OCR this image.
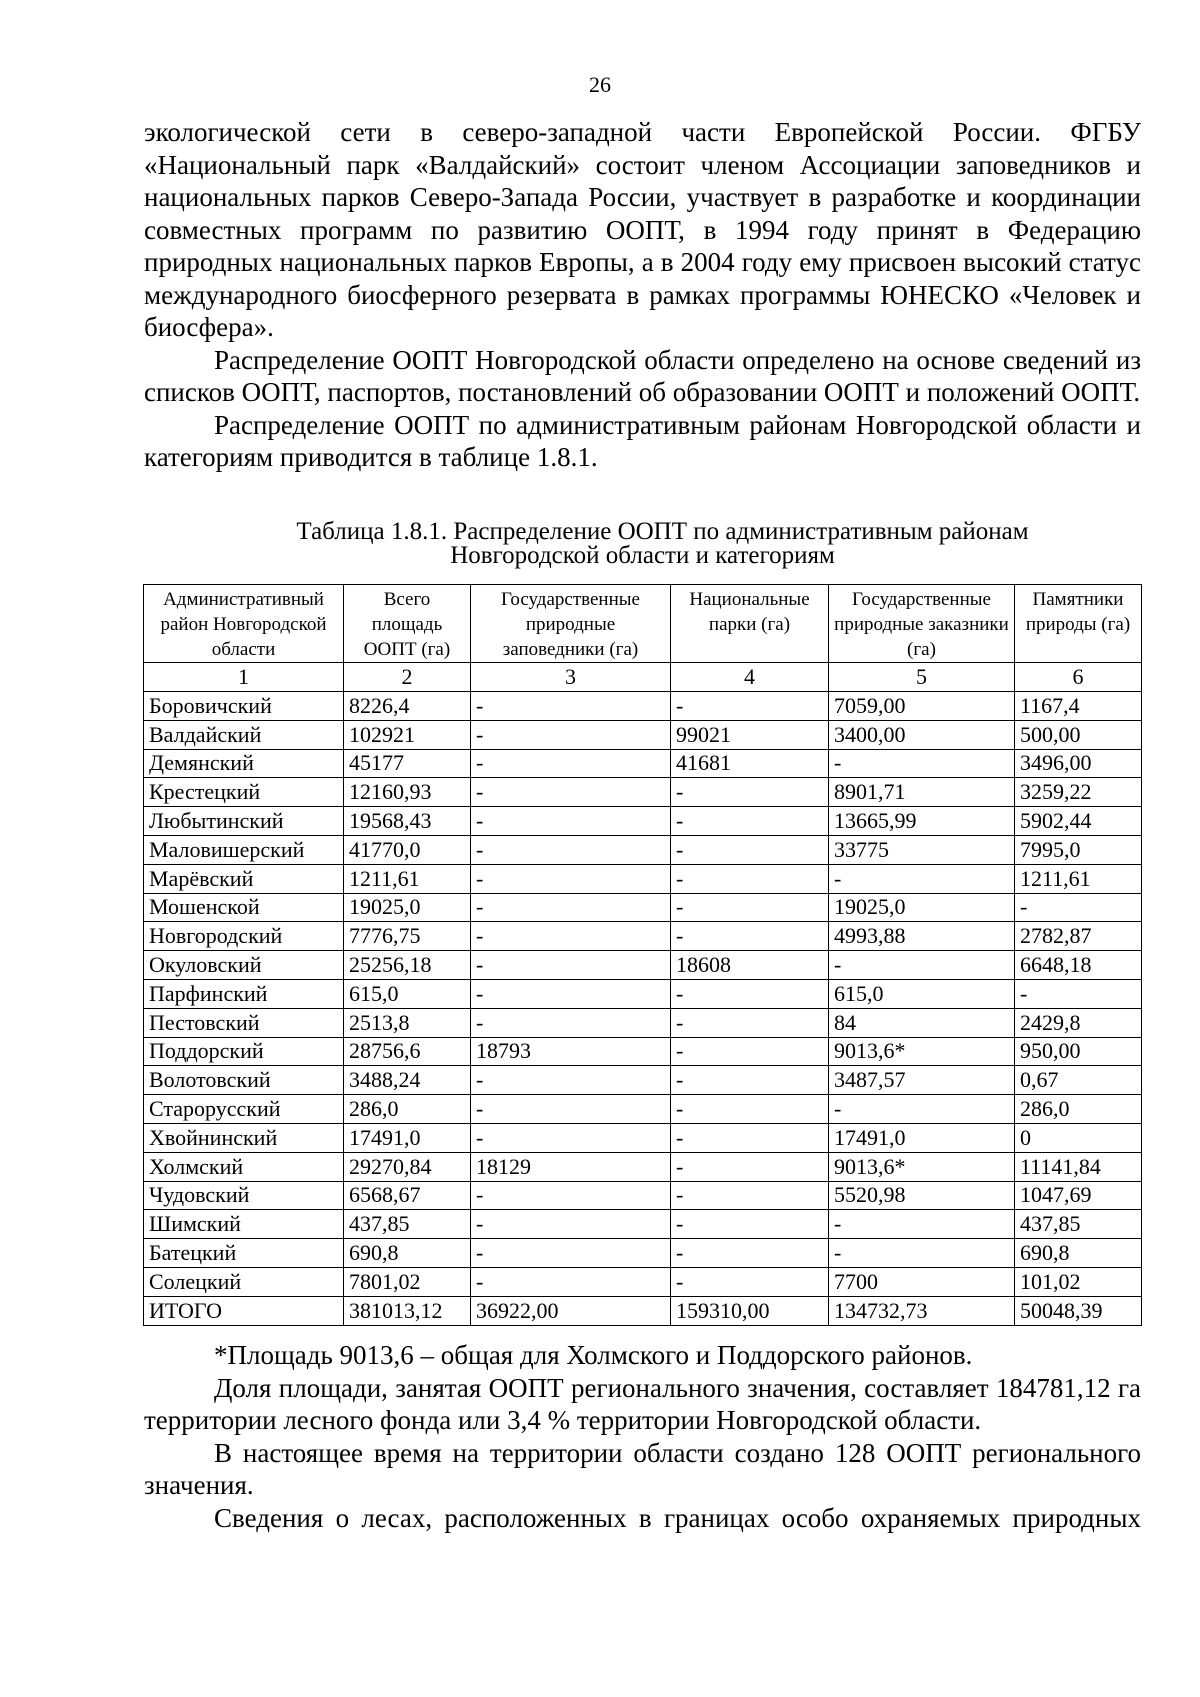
26

экологической сети в северо-западной части Европейской России. ФГБУ «Национальный парк «Валдайский» состоит членом Ассоциации заповедников и национальных парков Северо-Запада России, участвует в разработке и координации совместных программ по развитию ООПТ, в 1994 году принят в Федерацию природных национальных парков Европы, а в 2004 году ему присвоен высокий статус международного биосферного резервата в рамках программы ЮНЕСКО «Человек и биосфера».

Распределение ООПТ Новгородской области определено на основе сведений из списков ООПТ, паспортов, постановлений об образовании ООПТ и положений ООПТ.

Распределение ООПТ по административным районам Новгородской области и категориям приводится в таблице 1.8.1.

Таблица 1.8.1. Распределение ООПТ по административным районам
Новгородской области и категориям
Административный район Новгородской области	Всего площадь ООПТ (га)	Государственные природные заповедники (га)	Национальные парки (га)	Государственные природные заказники (га)	Памятники природы (га)
1	2	3	4	5	6
Боровичский	8226,4	-	-	7059,00	1167,4
Валдайский	102921	-	99021	3400,00	500,00
Демянский	45177	-	41681	-	3496,00
Крестецкий	12160,93	-	-	8901,71	3259,22
Любытинский	19568,43	-	-	13665,99	5902,44
Маловишерский	41770,0	-	-	33775	7995,0
Марёвский	1211,61	-	-	-	1211,61
Мошенской	19025,0	-	-	19025,0	-
Новгородский	7776,75	-	-	4993,88	2782,87
Окуловский	25256,18	-	18608	-	6648,18
Парфинский	615,0	-	-	615,0	-
Пестовский	2513,8	-	-	84	2429,8
Поддорский	28756,6	18793	-	9013,6*	950,00
Волотовский	3488,24	-	-	3487,57	0,67
Старорусский	286,0	-	-	-	286,0
Хвойнинский	17491,0	-	-	17491,0	0
Холмский	29270,84	18129	-	9013,6*	11141,84
Чудовский	6568,67	-	-	5520,98	1047,69
Шимский	437,85	-	-	-	437,85
Батецкий	690,8	-	-	-	690,8
Солецкий	7801,02	-	-	7700	101,02
ИТОГО	381013,12	36922,00	159310,00	134732,73	50048,39

*Площадь 9013,6 – общая для Холмского и Поддорского районов.

Доля площади, занятая ООПТ регионального значения, составляет 184781,12 га территории лесного фонда или 3,4 % территории Новгородской области.

В настоящее время на территории области создано 128 ООПТ регионального значения.

Сведения о лесах, расположенных в границах особо охраняемых природных
